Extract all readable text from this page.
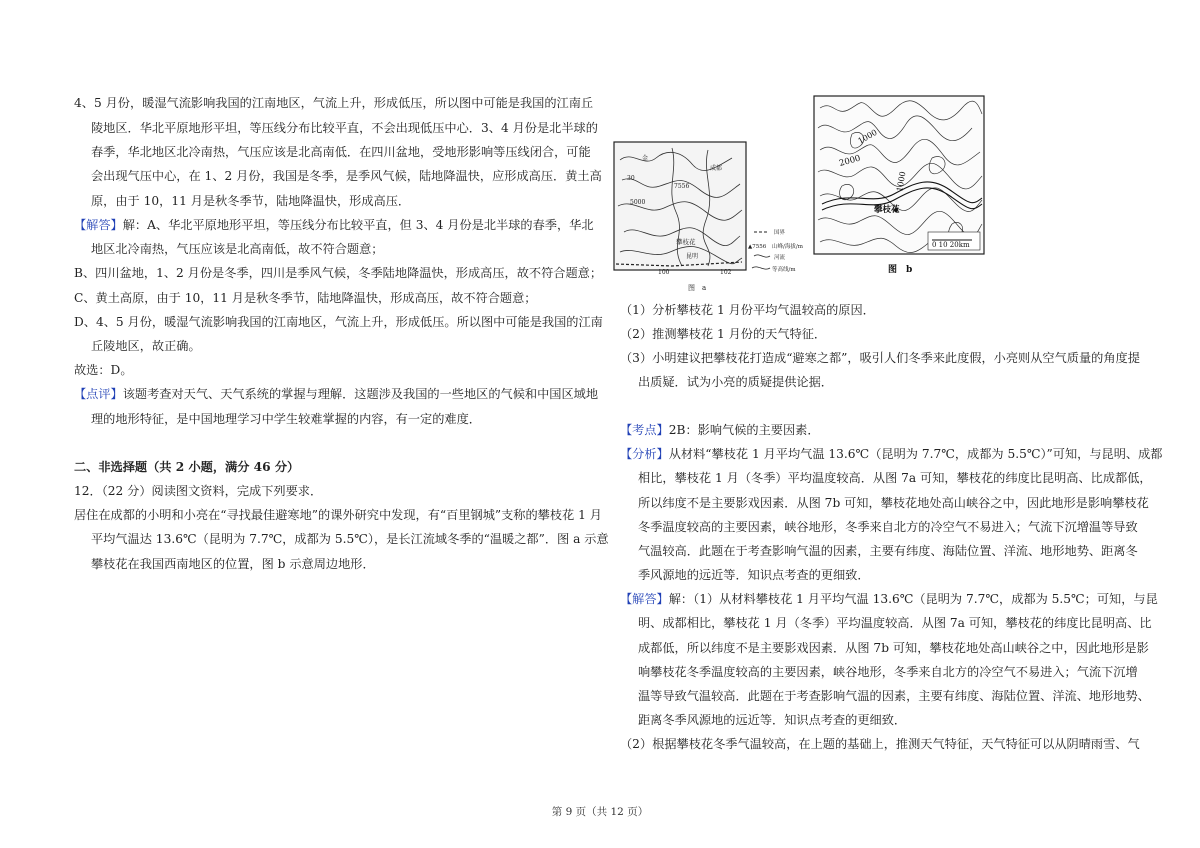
4、5 月份，暖湿气流影响我国的江南地区，气流上升，形成低压，所以图中可能是我国的江南丘
陵地区．华北平原地形平坦，等压线分布比较平直，不会出现低压中心．3、4 月份是北半球的
春季，华北地区北冷南热，气压应该是北高南低．在四川盆地，受地形影响等压线闭合，可能
会出现气压中心，在 1、2 月份，我国是冬季，是季风气候，陆地降温快，应形成高压．黄土高
原，由于 10，11 月是秋冬季节，陆地降温快，形成高压．
【解答】解：A、华北平原地形平坦，等压线分布比较平直，但 3、4 月份是北半球的春季，华北
地区北冷南热，气压应该是北高南低，故不符合题意；
B、四川盆地，1、2 月份是冬季，四川是季风气候，冬季陆地降温快，形成高压，故不符合题意；
C、黄土高原，由于 10，11 月是秋冬季节，陆地降温快，形成高压，故不符合题意；
D、4、5 月份，暖湿气流影响我国的江南地区，气流上升，形成低压。所以图中可能是我国的江南
丘陵地区，故正确。
故选：D。
【点评】该题考查对天气、天气系统的掌握与理解．这题涉及我国的一些地区的气候和中国区域地
理的地形特征，是中国地理学习中学生较难掌握的内容，有一定的难度．
二、非选择题（共 2 小题，满分 46 分）
12．（22 分）阅读图文资料，完成下列要求．
居住在成都的小明和小亮在“寻找最佳避寒地”的课外研究中发现，有“百里钢城”支称的攀枝花 1 月
平均气温达 13.6℃（昆明为 7.7℃，成都为 5.5℃），是长江流域冬季的“温暖之都”．图 a 示意
攀枝花在我国西南地区的位置，图 b 示意周边地形．
30
金
7556
成都
5000
攀枝花
昆明
100	102
国界
▲7556 山峰/海拔/m
河流
等高线/m
图　a
1000
2000
1000
攀枝花
0 10 20km
图　b
（1）分析攀枝花 1 月份平均气温较高的原因．
（2）推测攀枝花 1 月份的天气特征．
（3）小明建议把攀枝花打造成“避寒之都”，吸引人们冬季来此度假，小亮则从空气质量的角度提
出质疑．试为小亮的质疑提供论据．
【考点】2B：影响气候的主要因素．
【分析】从材料“攀枝花 1 月平均气温 13.6℃（昆明为 7.7℃，成都为 5.5℃）”可知，与昆明、成都
相比，攀枝花 1 月（冬季）平均温度较高．从图 7a 可知，攀枝花的纬度比昆明高、比成都低，
所以纬度不是主要影戏因素．从图 7b 可知，攀枝花地处高山峡谷之中，因此地形是影响攀枝花
冬季温度较高的主要因素，峡谷地形，冬季来自北方的冷空气不易进入；气流下沉增温等导致
气温较高．此题在于考查影响气温的因素，主要有纬度、海陆位置、洋流、地形地势、距离冬
季风源地的远近等．知识点考查的更细致．
【解答】解：（1）从材料攀枝花 1 月平均气温 13.6℃（昆明为 7.7℃，成都为 5.5℃；可知，与昆
明、成都相比，攀枝花 1 月（冬季）平均温度较高．从图 7a 可知，攀枝花的纬度比昆明高、比
成都低，所以纬度不是主要影戏因素．从图 7b 可知，攀枝花地处高山峡谷之中，因此地形是影
响攀枝花冬季温度较高的主要因素，峡谷地形，冬季来自北方的冷空气不易进入；气流下沉增
温等导致气温较高．此题在于考查影响气温的因素，主要有纬度、海陆位置、洋流、地形地势、
距离冬季风源地的远近等．知识点考查的更细致．
（2）根据攀枝花冬季气温较高，在上题的基础上，推测天气特征，天气特征可以从阴晴雨雪、气
第 9 页（共 12 页）
